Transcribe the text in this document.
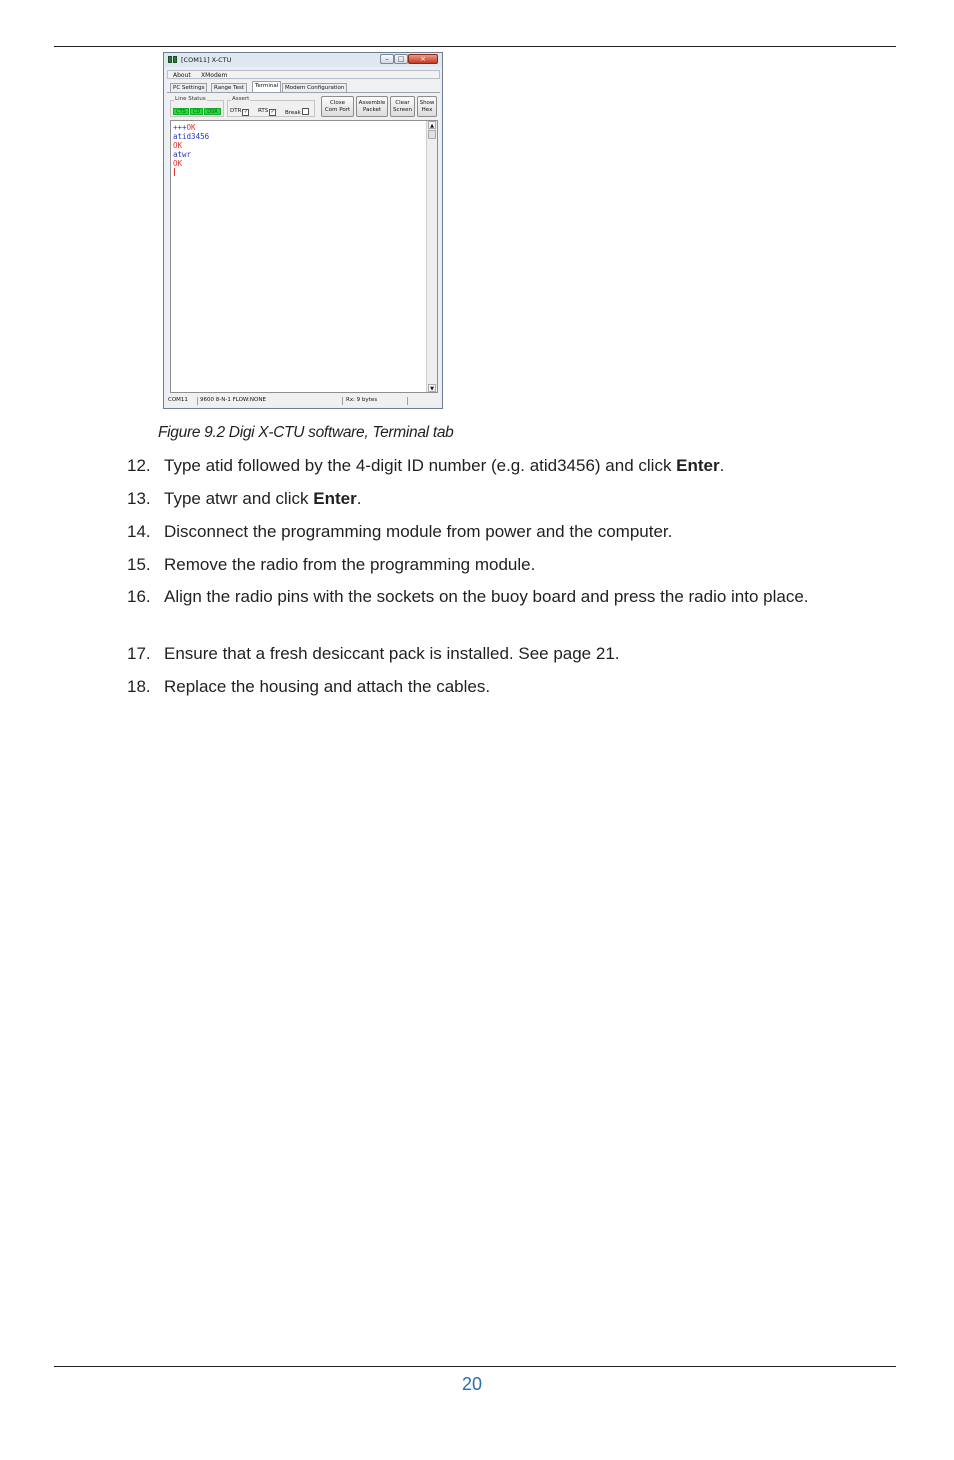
[COM11] X-CTU	–	□	×
About XModem
PC Settings	Range Test	Terminal	Modem Configuration
Line Status
CTS	CD	DSR
Assert
DTR ✓ RTS ✓ Break
Close
Com Port
Assemble
Packet
Clear
Screen
Show
Hex
+++OK
atid3456
OK
atwr
OK
▲
▼
COM11	9600 8-N-1 FLOW:NONE	Rx: 9 bytes
Figure 9.2 Digi X-CTU software, Terminal tab
12. Type atid followed by the 4-digit ID number (e.g. atid3456) and click Enter.
13. Type atwr and click Enter.
14. Disconnect the programming module from power and the computer.
15. Remove the radio from the programming module.
16. Align the radio pins with the sockets on the buoy board and press the radio into place.
17. Ensure that a fresh desiccant pack is installed. See page 21.
18. Replace the housing and attach the cables.
20
